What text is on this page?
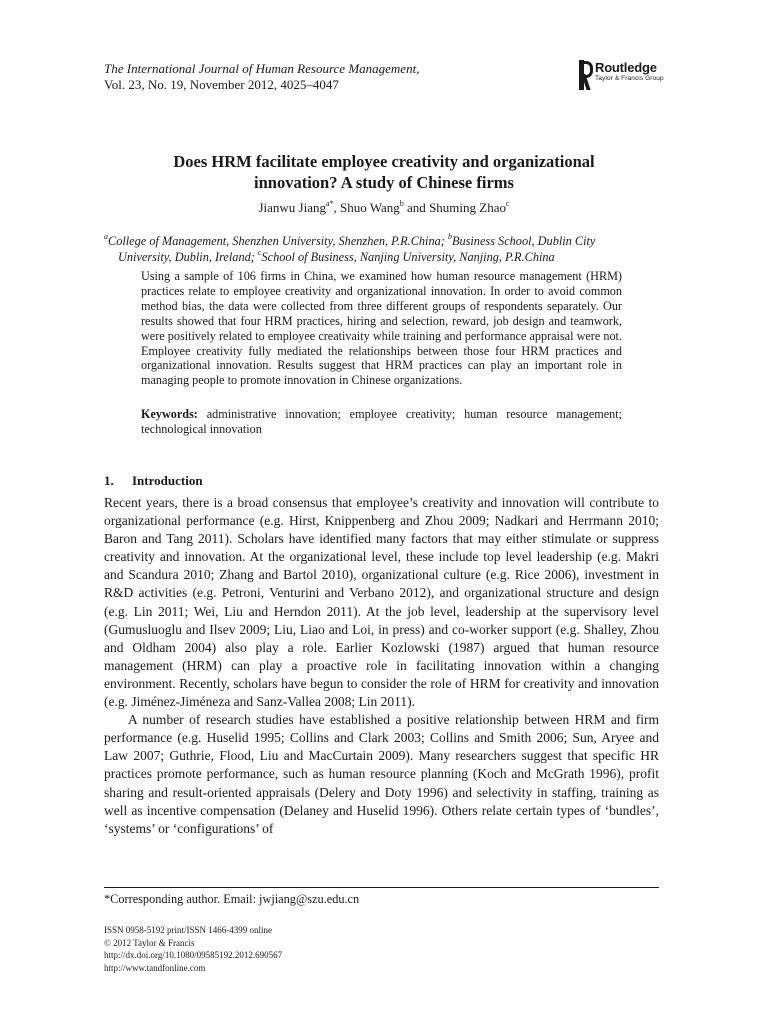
The International Journal of Human Resource Management,
Vol. 23, No. 19, November 2012, 4025–4047
Routledge
Taylor & Francis Group
Does HRM facilitate employee creativity and organizational
innovation? A study of Chinese firms
Jianwu Jiang$^{a*}$, Shuo Wang$^b$ and Shuming Zhao$^c$
$^a$College of Management, Shenzhen University, Shenzhen, P.R.China; $^b$Business School, Dublin City
University, Dublin, Ireland; $^c$School of Business, Nanjing University, Nanjing, P.R.China
Using a sample of 106 firms in China, we examined how human resource management (HRM) practices relate to employee creativity and organizational innovation. In order to avoid common method bias, the data were collected from three different groups of respondents separately. Our results showed that four HRM practices, hiring and selection, reward, job design and teamwork, were positively related to employee creativaity while training and performance appraisal were not. Employee creativity fully mediated the relationships between those four HRM practices and organizational innovation. Results suggest that HRM practices can play an important role in managing people to promote innovation in Chinese organizations.
Keywords: administrative innovation; employee creativity; human resource management; technological innovation
1. Introduction

Recent years, there is a broad consensus that employee’s creativity and innovation will contribute to organizational performance (e.g. Hirst, Knippenberg and Zhou 2009; Nadkari and Herrmann 2010; Baron and Tang 2011). Scholars have identified many factors that may either stimulate or suppress creativity and innovation. At the organizational level, these include top level leadership (e.g. Makri and Scandura 2010; Zhang and Bartol 2010), organizational culture (e.g. Rice 2006), investment in R&D activities (e.g. Petroni, Venturini and Verbano 2012), and organizational structure and design (e.g. Lin 2011; Wei, Liu and Herndon 2011). At the job level, leadership at the supervisory level (Gumusluoglu and Ilsev 2009; Liu, Liao and Loi, in press) and co-worker support (e.g. Shalley, Zhou and Oldham 2004) also play a role. Earlier Kozlowski (1987) argued that human resource management (HRM) can play a proactive role in facilitating innovation within a changing environment. Recently, scholars have begun to consider the role of HRM for creativity and innovation (e.g. Jiménez-Jiméneza and Sanz-Vallea 2008; Lin 2011).

A number of research studies have established a positive relationship between HRM and firm performance (e.g. Huselid 1995; Collins and Clark 2003; Collins and Smith 2006; Sun, Aryee and Law 2007; Guthrie, Flood, Liu and MacCurtain 2009). Many researchers suggest that specific HR practices promote performance, such as human resource planning (Koch and McGrath 1996), profit sharing and result-oriented appraisals (Delery and Doty 1996) and selectivity in staffing, training as well as incentive compensation (Delaney and Huselid 1996). Others relate certain types of ‘bundles’, ‘systems’ or ‘configurations’ of

*Corresponding author. Email: jwjiang@szu.edu.cn
ISSN 0958-5192 print/ISSN 1466-4399 online
© 2012 Taylor & Francis
http://dx.doi.org/10.1080/09585192.2012.690567
http://www.tandfonline.com
